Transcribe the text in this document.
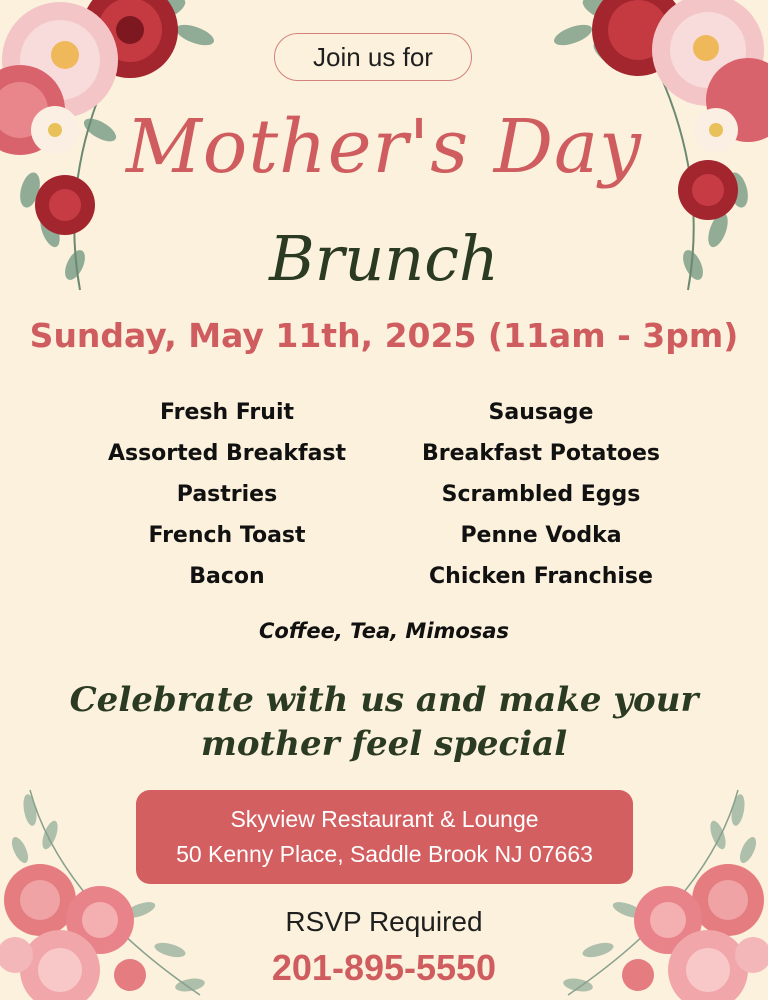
Join us for
Mother's Day
Brunch
Sunday, May 11th, 2025 (11am - 3pm)
Fresh Fruit
Assorted Breakfast
Pastries
French Toast
Bacon
Sausage
Breakfast Potatoes
Scrambled Eggs
Penne Vodka
Chicken Franchise
Coffee, Tea, Mimosas
Celebrate with us and make your mother feel special
Skyview Restaurant & Lounge
50 Kenny Place, Saddle Brook NJ 07663
RSVP Required
201-895-5550
